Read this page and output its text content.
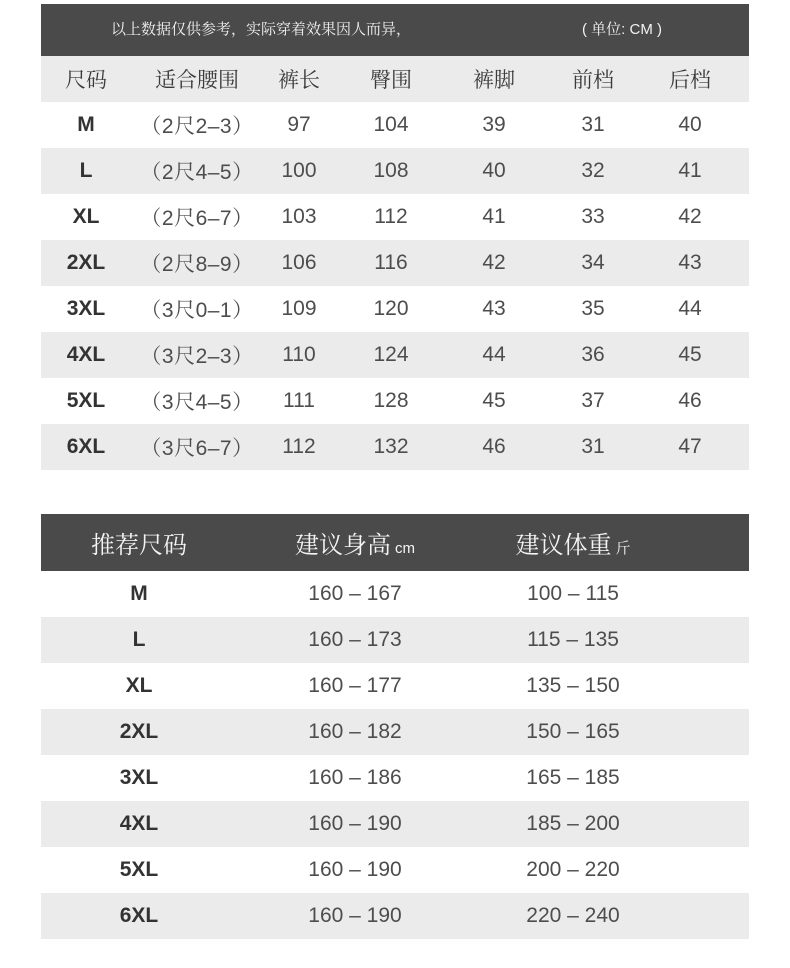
以上数据仅供参考，实际穿着效果因人而异，	( 单位: CM )
尺码	适合腰围	裤长	臀围	裤脚	前档	后档
M	（2尺2–3）	97	104	39	31	40
L	（2尺4–5）	100	108	40	32	41
XL	（2尺6–7）	103	112	41	33	42
2XL	（2尺8–9）	106	116	42	34	43
3XL	（3尺0–1）	109	120	43	35	44
4XL	（3尺2–3）	110	124	44	36	45
5XL	（3尺4–5）	111	128	45	37	46
6XL	（3尺6–7）	112	132	46	31	47
推荐尺码	建议身高 cm	建议体重 斤
M	160 – 167	100 – 115
L	160 – 173	115 – 135
XL	160 – 177	135 – 150
2XL	160 – 182	150 – 165
3XL	160 – 186	165 – 185
4XL	160 – 190	185 – 200
5XL	160 – 190	200 – 220
6XL	160 – 190	220 – 240
